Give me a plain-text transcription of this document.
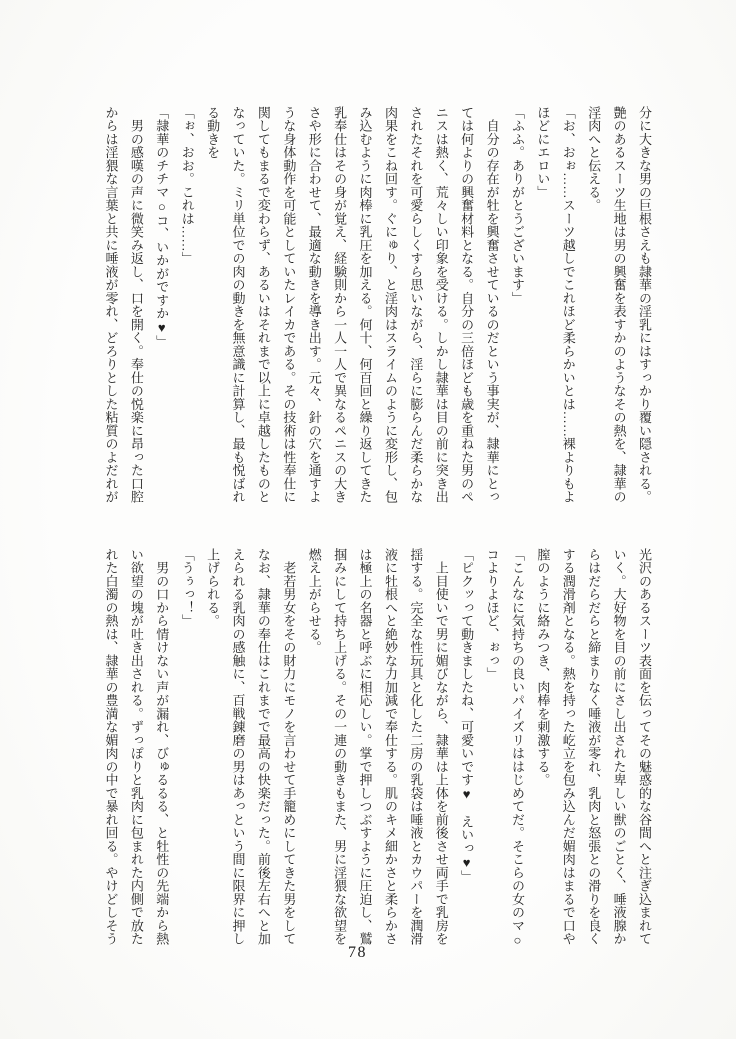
分に大きな男の巨根さえも隷華の淫乳にはすっかり覆い隠される。
艶のあるスーツ生地は男の興奮を表すかのようなその熱を、隷華の
淫肉へと伝える。
「お、おぉ……スーツ越しでこれほど柔らかいとは……裸よりもよ
ほどにエロい」
「ふふ。ありがとうございます」
　自分の存在が牡を興奮させているのだという事実が、隷華にとっ
ては何よりの興奮材料となる。自分の三倍ほども歳を重ねた男のペ
ニスは熱く、荒々しい印象を受ける。しかし隷華は目の前に突き出
されたそれを可愛らしくすら思いながら、淫らに膨らんだ柔らかな
肉果をこね回す。ぐにゅり、と淫肉はスライムのように変形し、包
み込むように肉棒に乳圧を加える。何十、何百回と繰り返してきた
乳奉仕はその身が覚え、経験則から一人一人で異なるペニスの大き
さや形に合わせて、最適な動きを導き出す。元々、針の穴を通すよ
うな身体動作を可能としていたレイカである。その技術は性奉仕に
関してもまるで変わらず、あるいはそれまで以上に卓越したものと
なっていた。ミリ単位での肉の動きを無意識に計算し、最も悦ばれ
る動きを
「ぉ、おお。これは……」
「隷華のチチマ○コ、いかがですか♥」
　男の感嘆の声に微笑み返し、口を開く。奉仕の悦楽に昂った口腔
からは淫猥な言葉と共に唾液が零れ、どろりとした粘質のよだれが
光沢のあるスーツ表面を伝ってその魅惑的な谷間へと注ぎ込まれて
いく。大好物を目の前にさし出された卑しい獣のごとく、唾液腺か
らはだらだらと締まりなく唾液が零れ、乳肉と怒張との滑りを良く
する潤滑剤となる。熱を持った屹立を包み込んだ媚肉はまるで口や
膣のように絡みつき、肉棒を刺激する。
「こんなに気持ちの良いパイズリははじめてだ。そこらの女のマ○
コよりよほど、ぉっ」
「ピクッって動きましたね、可愛いです♥　えいっ♥」
　上目使いで男に媚びながら、隷華は上体を前後させ両手で乳房を
揺する。完全な性玩具と化した二房の乳袋は唾液とカウパーを潤滑
液に牡根へと絶妙な力加減で奉仕する。肌のキメ細かさと柔らかさ
は極上の名器と呼ぶに相応しい。掌で押しつぶすように圧迫し、鷲
掴みにして持ち上げる。その一連の動きもまた、男に淫猥な欲望を
燃え上がらせる。
　老若男女をその財力にモノを言わせて手籠めにしてきた男をして
なお、隷華の奉仕はこれまでで最高の快楽だった。前後左右へと加
えられる乳肉の感触に、百戦錬磨の男はあっという間に限界に押し
上げられる。
「うぅっ！」
　男の口から情けない声が漏れ、びゅるるる、と牡性の先端から熱
い欲望の塊が吐き出される。ずっぽりと乳肉に包まれた内側で放た
れた白濁の熱は、隷華の豊満な媚肉の中で暴れ回る。やけどしそう
78
